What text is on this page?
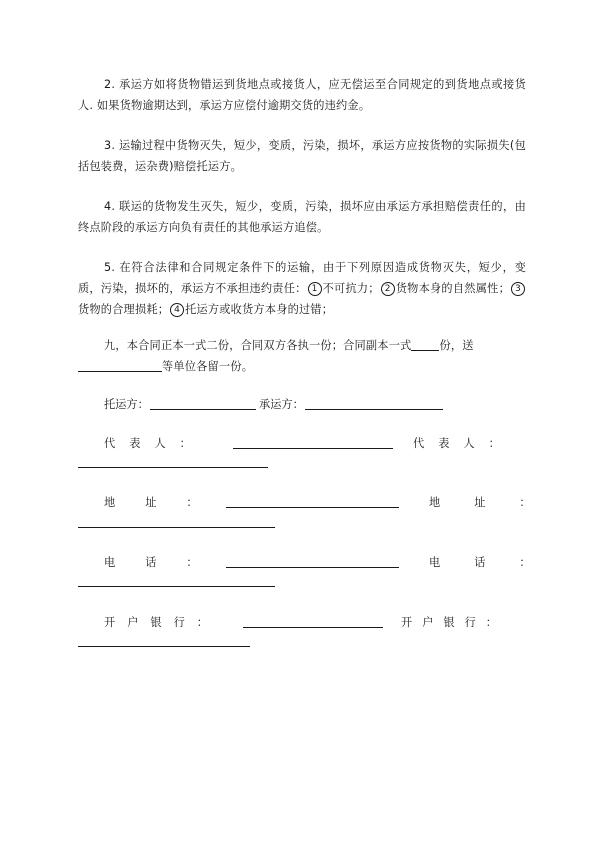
2. 承运方如将货物错运到货地点或接货人，应无偿运至合同规定的到货地点或接货人. 如果货物逾期达到，承运方应偿付逾期交货的违约金。

3. 运输过程中货物灭失，短少，变质，污染，损坏，承运方应按货物的实际损失(包括包装费，运杂费)赔偿托运方。

4. 联运的货物发生灭失，短少，变质，污染，损坏应由承运方承担赔偿责任的，由终点阶段的承运方向负有责任的其他承运方追偿。

5. 在符合法律和合同规定条件下的运输，由于下列原因造成货物灭失，短少，变质，污染，损坏的，承运方不承担违约责任： 1 不可抗力； 2 货物本身的自然属性； 3货物的合理损耗； 4 托运方或收货方本身的过错；

九，本合同正本一式二份，合同双方各执一份；合同副本一式	份，送
等单位各留一份。

托运方：	承运方：
代表人：	代表人：
地址：	地址：
电话：	电话：
开户银行：	开户银行：
